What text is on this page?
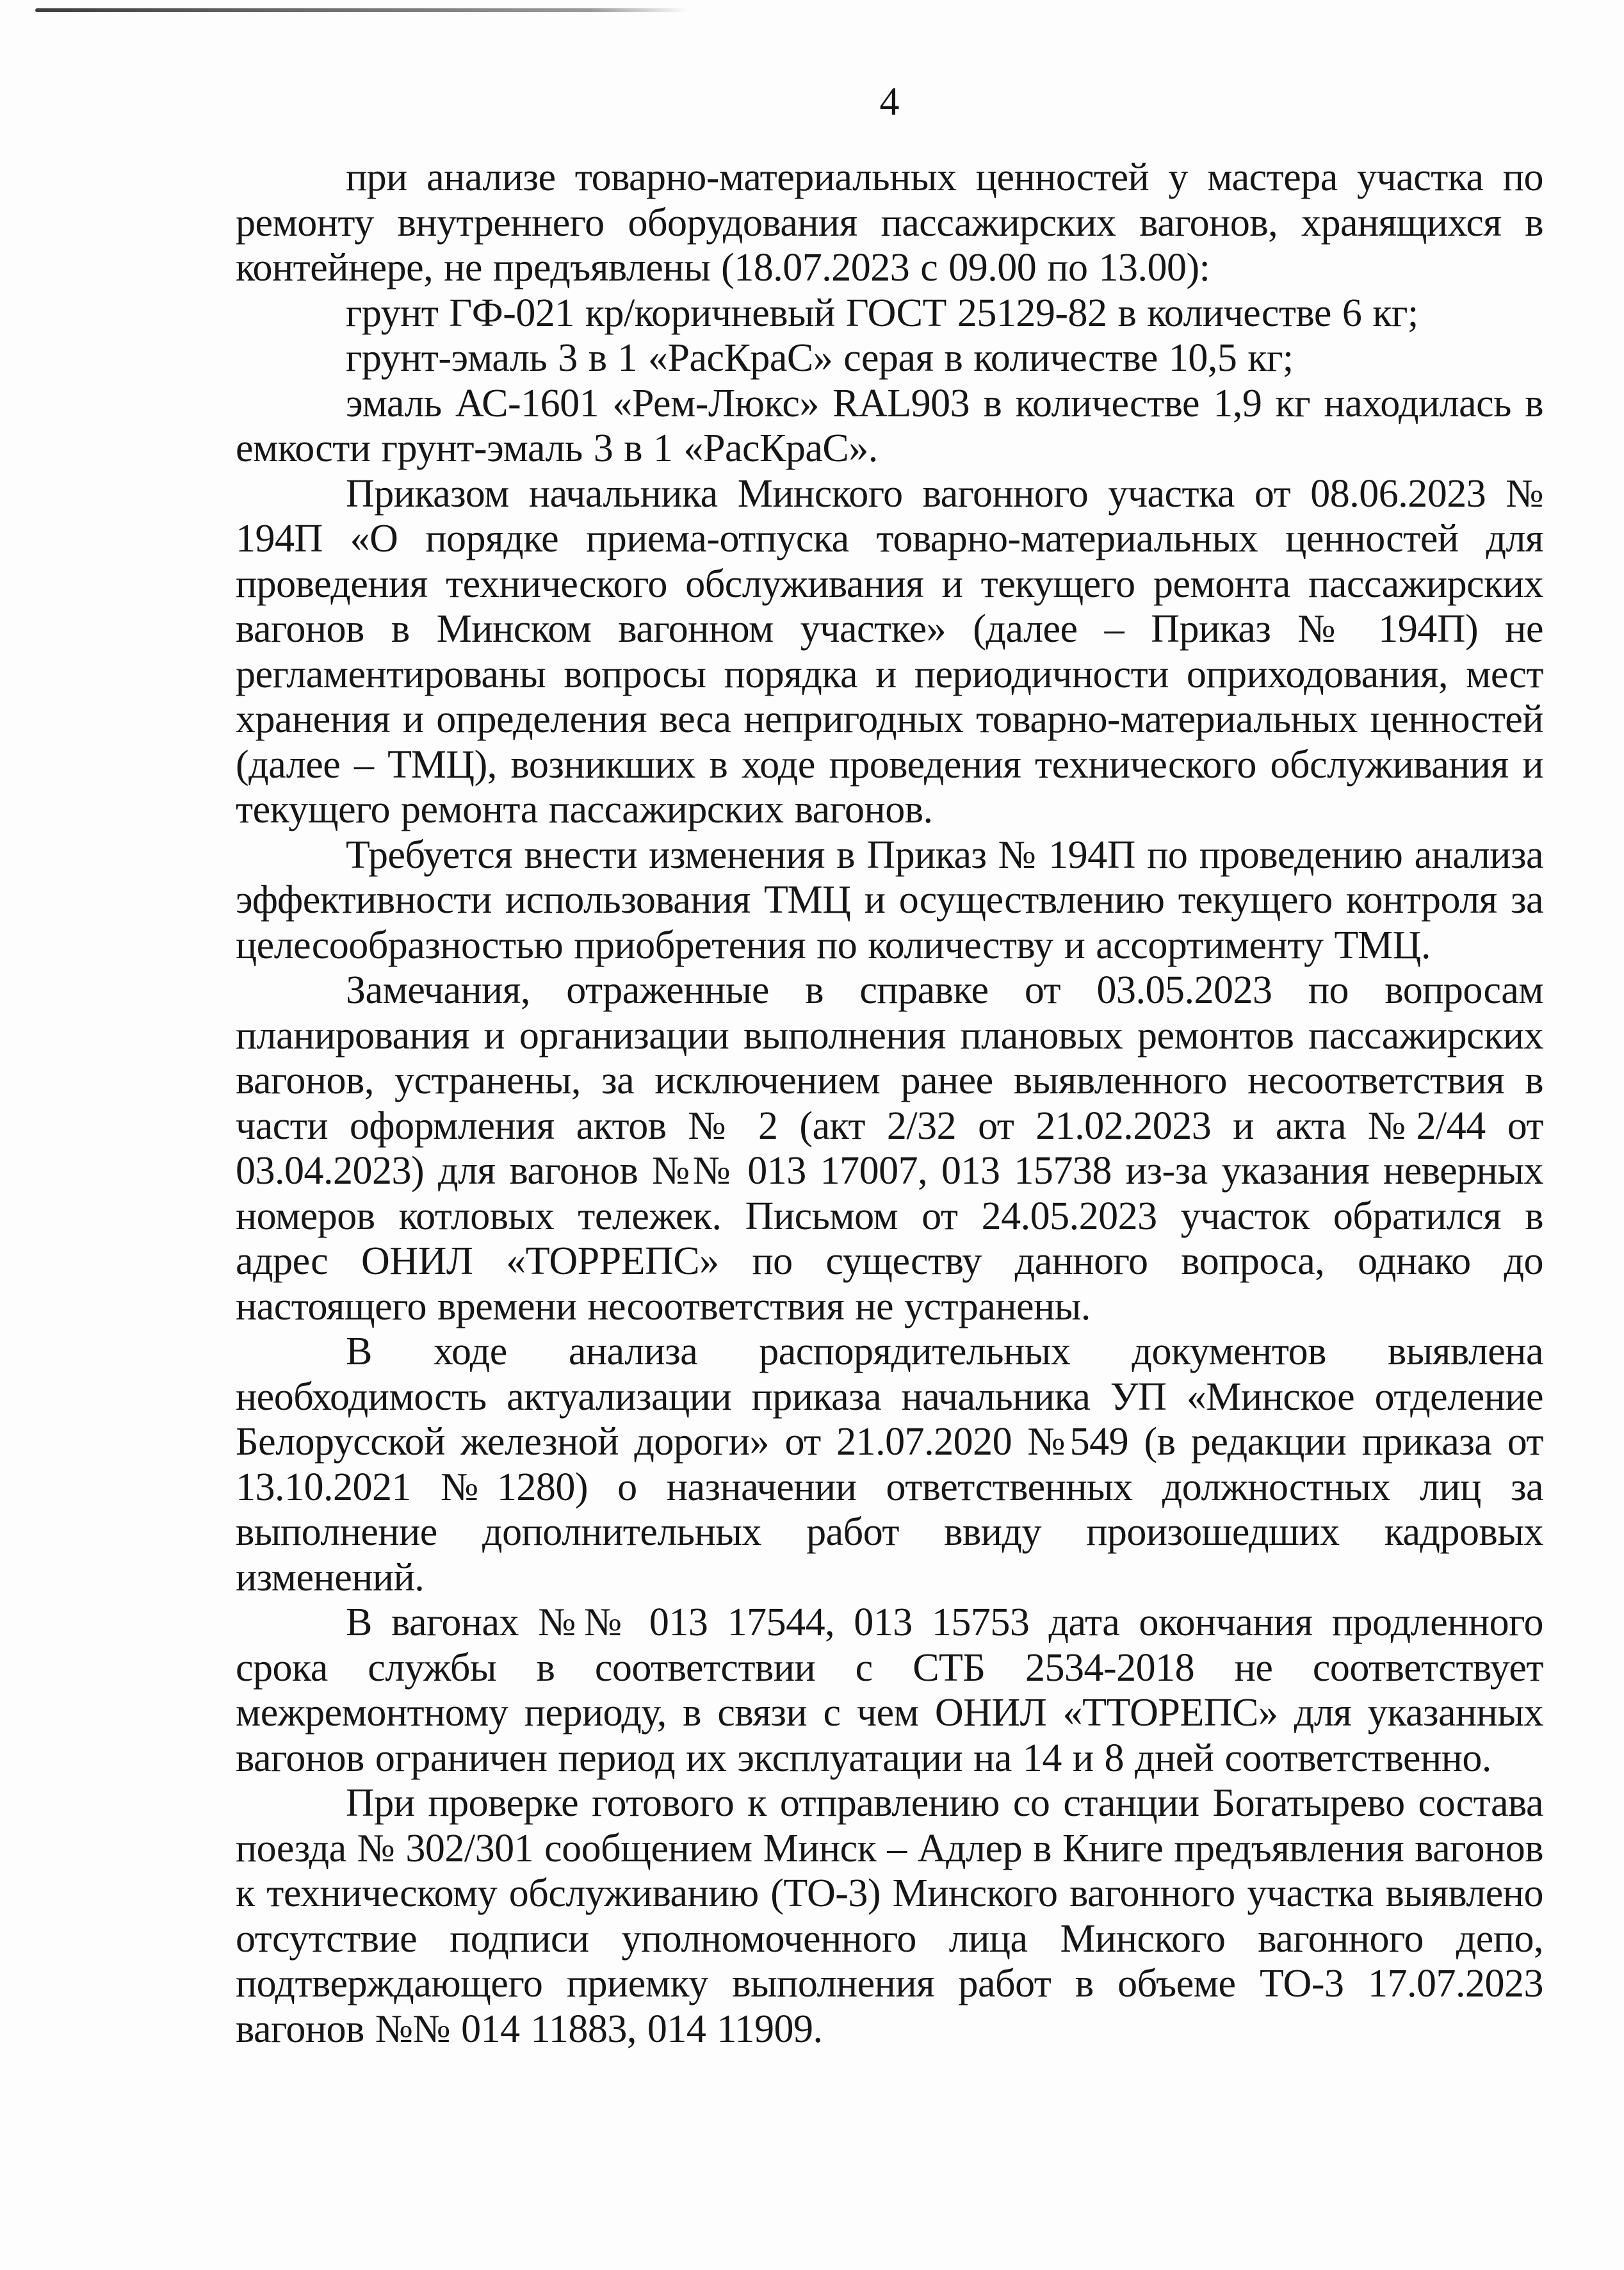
4

при анализе товарно-материальных ценностей у мастера участка по ремонту внутреннего оборудования пассажирских вагонов, хранящихся в контейнере, не предъявлены (18.07.2023 с 09.00 по 13.00):

грунт ГФ-021 кр/коричневый ГОСТ 25129-82 в количестве 6 кг;

грунт-эмаль 3 в 1 «РасКраС» серая в количестве 10,5 кг;

эмаль АС-1601 «Рем-Люкс» RAL903 в количестве 1,9 кг находилась в емкости грунт-эмаль 3 в 1 «РасКраС».

Приказом начальника Минского вагонного участка от 08.06.2023 № 194П «О порядке приема-отпуска товарно-материальных ценностей для проведения технического обслуживания и текущего ремонта пассажирских вагонов в Минском вагонном участке» (далее – Приказ № 194П) не регламентированы вопросы порядка и периодичности оприходования, мест хранения и определения веса непригодных товарно-материальных ценностей (далее – ТМЦ), возникших в ходе проведения технического обслуживания и текущего ремонта пассажирских вагонов.

Требуется внести изменения в Приказ № 194П по проведению анализа эффективности использования ТМЦ и осуществлению текущего контроля за целесообразностью приобретения по количеству и ассортименту ТМЦ.

Замечания, отраженные в справке от 03.05.2023 по вопросам планирования и организации выполнения плановых ремонтов пассажирских вагонов, устранены, за исключением ранее выявленного несоответствия в части оформления актов № 2 (акт 2/32 от 21.02.2023 и акта №2/44 от 03.04.2023) для вагонов №№ 013 17007, 013 15738 из-за указания неверных номеров котловых тележек. Письмом от 24.05.2023 участок обратился в адрес ОНИЛ «ТОРРЕПС» по существу данного вопроса, однако до настоящего времени несоответствия не устранены.

В ходе анализа распорядительных документов выявлена необходимость актуализации приказа начальника УП «Минское отделение Белорусской железной дороги» от 21.07.2020 №549 (в редакции приказа от 13.10.2021 №1280) о назначении ответственных должностных лиц за выполнение дополнительных работ ввиду произошедших кадровых изменений.

В вагонах №№ 013 17544, 013 15753 дата окончания продленного срока службы в соответствии с СТБ 2534-2018 не соответствует межремонтному периоду, в связи с чем ОНИЛ «ТТОРЕПС» для указанных вагонов ограничен период их эксплуатации на 14 и 8 дней соответственно.

При проверке готового к отправлению со станции Богатырево состава поезда № 302/301 сообщением Минск – Адлер в Книге предъявления вагонов к техническому обслуживанию (ТО-3) Минского вагонного участка выявлено отсутствие подписи уполномоченного лица Минского вагонного депо, подтверждающего приемку выполнения работ в объеме ТО-3 17.07.2023 вагонов №№ 014 11883, 014 11909.
